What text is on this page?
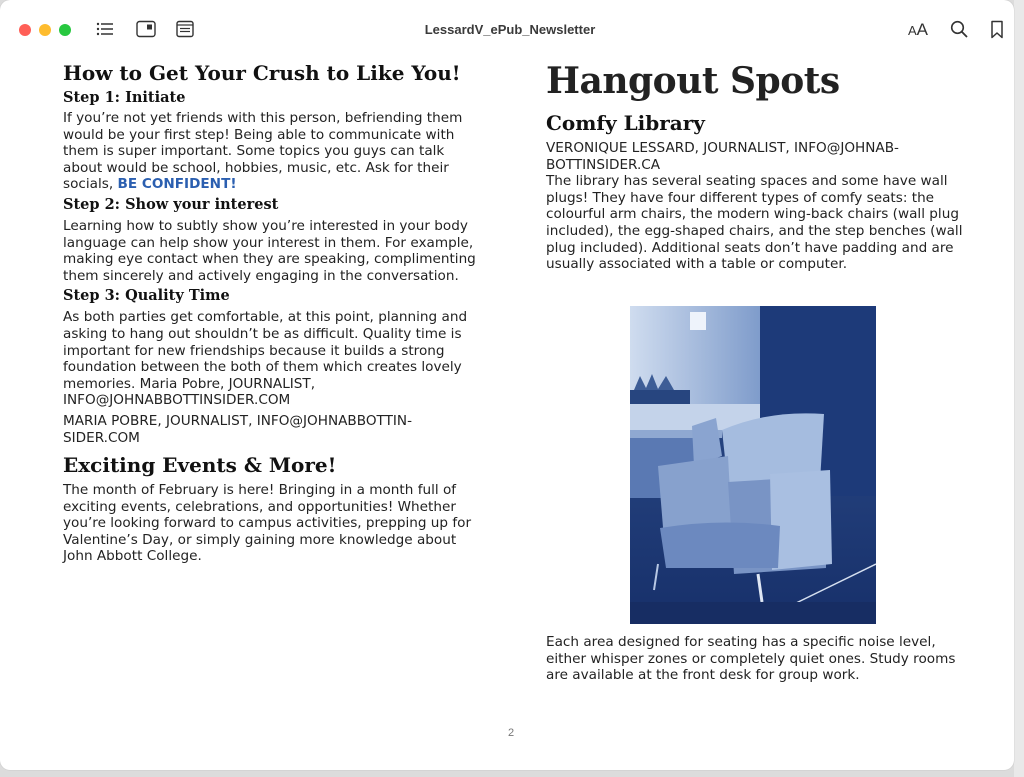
LessardV_ePub_Newsletter	AA
How to Get Your Crush to Like You!
Step 1: Initiate

If you’re not yet friends with this person, befriending them would be your first step! Being able to communicate with them is super important. Some topics you guys can talk about would be school, hobbies, music, etc. Ask for their socials, BE CONFIDENT!

Step 2: Show your interest

Learning how to subtly show you’re interested in your body language can help show your interest in them. For example, making eye contact when they are speaking, complimenting them sincerely and actively engaging in the conversation.

Step 3: Quality Time

As both parties get comfortable, at this point, planning and asking to hang out shouldn’t be as difficult. Quality time is important for new friendships because it builds a strong foundation between the both of them which creates lovely memories. Maria Pobre, JOURNALIST, INFO@JOHNABBOTTINSIDER.COM

MARIA POBRE, JOURNALIST, INFO@JOHNABBOTTIN-SIDER.COM

Exciting Events & More!

The month of February is here! Bringing in a month full of exciting events, celebrations, and opportunities! Whether you’re looking forward to campus activities, prepping up for Valentine’s Day, or simply gaining more knowledge about John Abbott College.

Hangout Spots
Comfy Library

VERONIQUE LESSARD, JOURNALIST, INFO@JOHNAB-BOTTINSIDER.CA

The library has several seating spaces and some have wall plugs! They have four different types of comfy seats: the colourful arm chairs, the modern wing-back chairs (wall plug included), the egg-shaped chairs, and the step benches (wall plug included). Additional seats don’t have padding and are usually associated with a table or computer.

Each area designed for seating has a specific noise level, either whisper zones or completely quiet ones. Study rooms are available at the front desk for group work.

2
